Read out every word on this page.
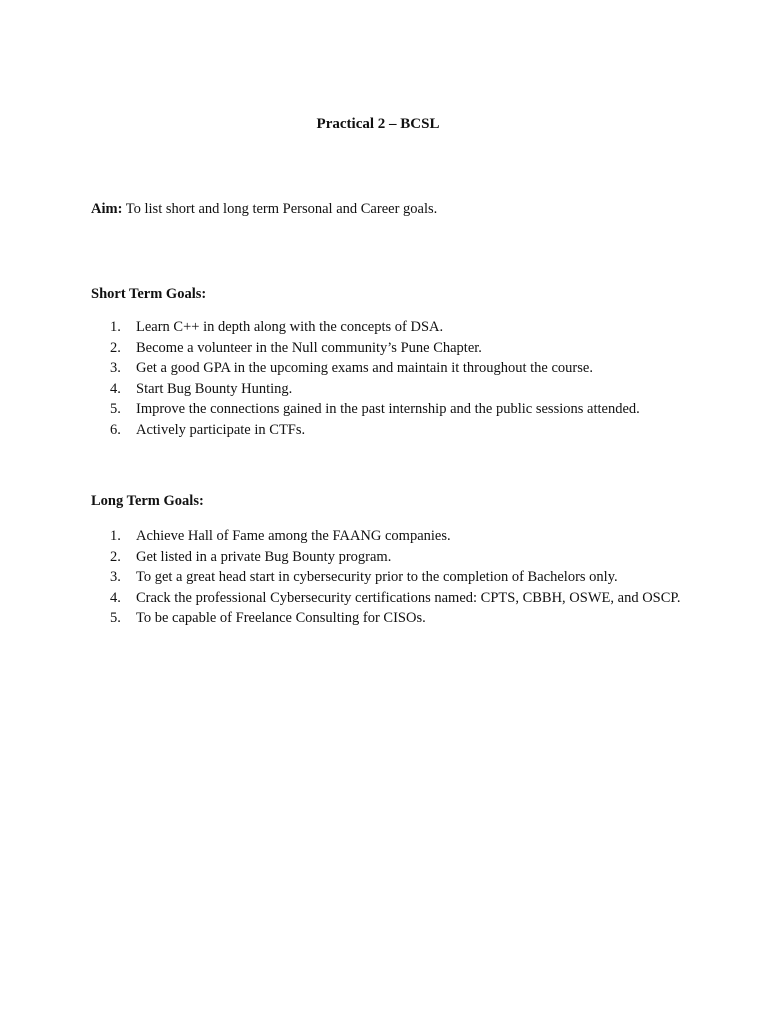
Practical 2 – BCSL
Aim: To list short and long term Personal and Career goals.
Short Term Goals:
1.	Learn C++ in depth along with the concepts of DSA.
2.	Become a volunteer in the Null community’s Pune Chapter.
3.	Get a good GPA in the upcoming exams and maintain it throughout the course.
4.	Start Bug Bounty Hunting.
5.	Improve the connections gained in the past internship and the public sessions attended.
6.	Actively participate in CTFs.
Long Term Goals:
1.	Achieve Hall of Fame among the FAANG companies.
2.	Get listed in a private Bug Bounty program.
3.	To get a great head start in cybersecurity prior to the completion of Bachelors only.
4.	Crack the professional Cybersecurity certifications named: CPTS, CBBH, OSWE, and OSCP.
5.	To be capable of Freelance Consulting for CISOs.
